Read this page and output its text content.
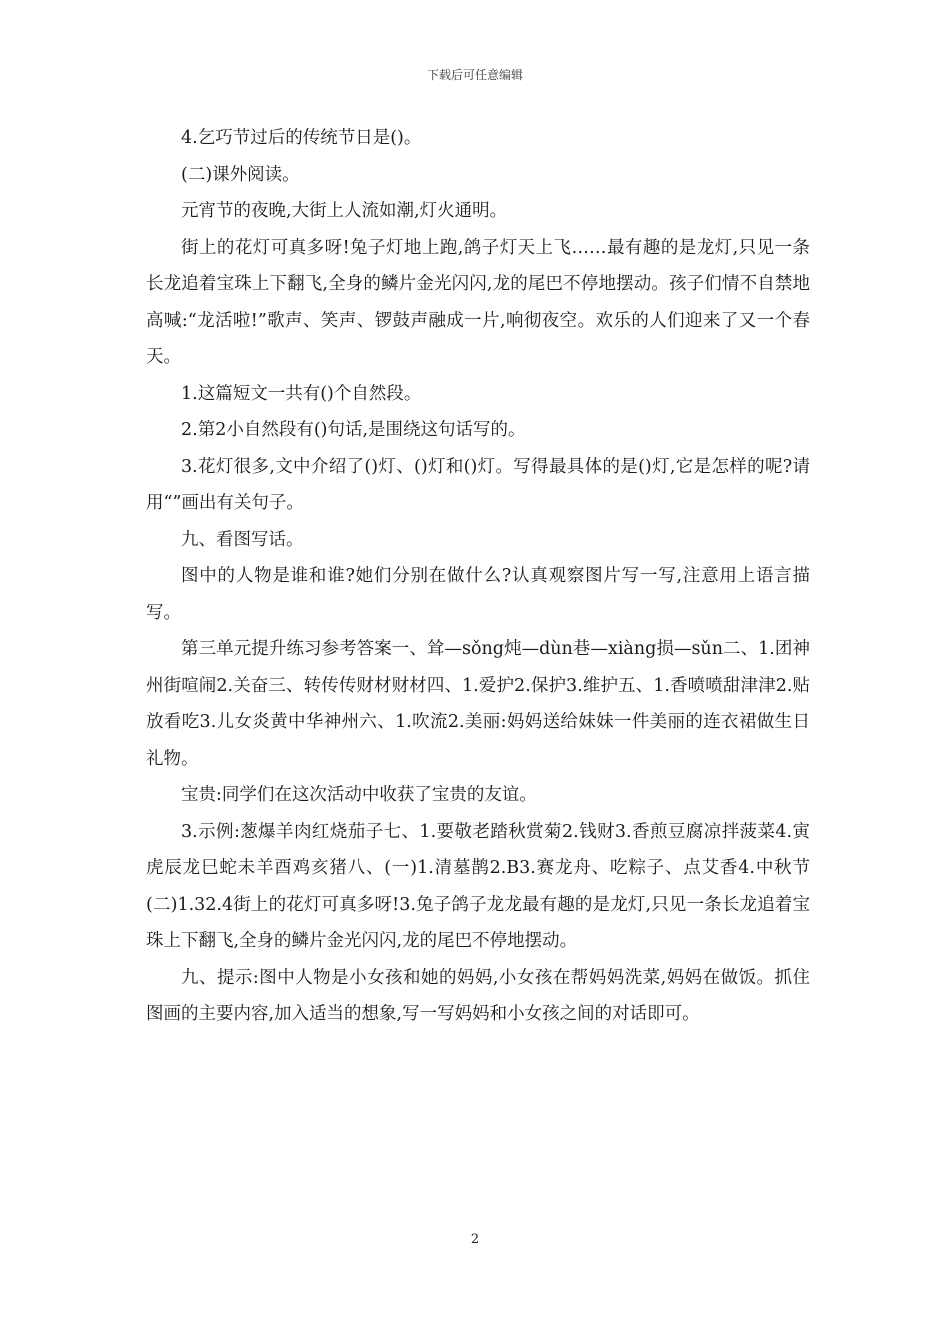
下载后可任意编辑

4.乞巧节过后的传统节日是()。

(二)课外阅读。

元宵节的夜晚,大街上人流如潮,灯火通明。

街上的花灯可真多呀!兔子灯地上跑,鸽子灯天上飞……最有趣的是龙灯,只见一条长龙追着宝珠上下翻飞,全身的鳞片金光闪闪,龙的尾巴不停地摆动。孩子们情不自禁地高喊:“龙活啦!”歌声、笑声、锣鼓声融成一片,响彻夜空。欢乐的人们迎来了又一个春天。

1.这篇短文一共有()个自然段。

2.第2小自然段有()句话,是围绕这句话写的。

3.花灯很多,文中介绍了()灯、()灯和()灯。写得最具体的是()灯,它是怎样的呢?请用“”画出有关句子。

九、看图写话。

图中的人物是谁和谁?她们分别在做什么?认真观察图片写一写,注意用上语言描写。

第三单元提升练习参考答案一、耸—sǒng炖—dùn巷—xiàng损—sǔn二、1.团神州街喧闹2.关奋三、转传传财材财材四、1.爱护2.保护3.维护五、1.香喷喷甜津津2.贴放看吃3.儿女炎黄中华神州六、1.吹流2.美丽:妈妈送给妹妹一件美丽的连衣裙做生日礼物。

宝贵:同学们在这次活动中收获了宝贵的友谊。

3.示例:葱爆羊肉红烧茄子七、1.要敬老踏秋赏菊2.钱财3.香煎豆腐凉拌菠菜4.寅虎辰龙巳蛇未羊酉鸡亥猪八、(一)1.清墓鹊2.B3.赛龙舟、吃粽子、点艾香4.中秋节(二)1.32.4街上的花灯可真多呀!3.兔子鸽子龙龙最有趣的是龙灯,只见一条长龙追着宝珠上下翻飞,全身的鳞片金光闪闪,龙的尾巴不停地摆动。

九、提示:图中人物是小女孩和她的妈妈,小女孩在帮妈妈洗菜,妈妈在做饭。抓住图画的主要内容,加入适当的想象,写一写妈妈和小女孩之间的对话即可。

2
